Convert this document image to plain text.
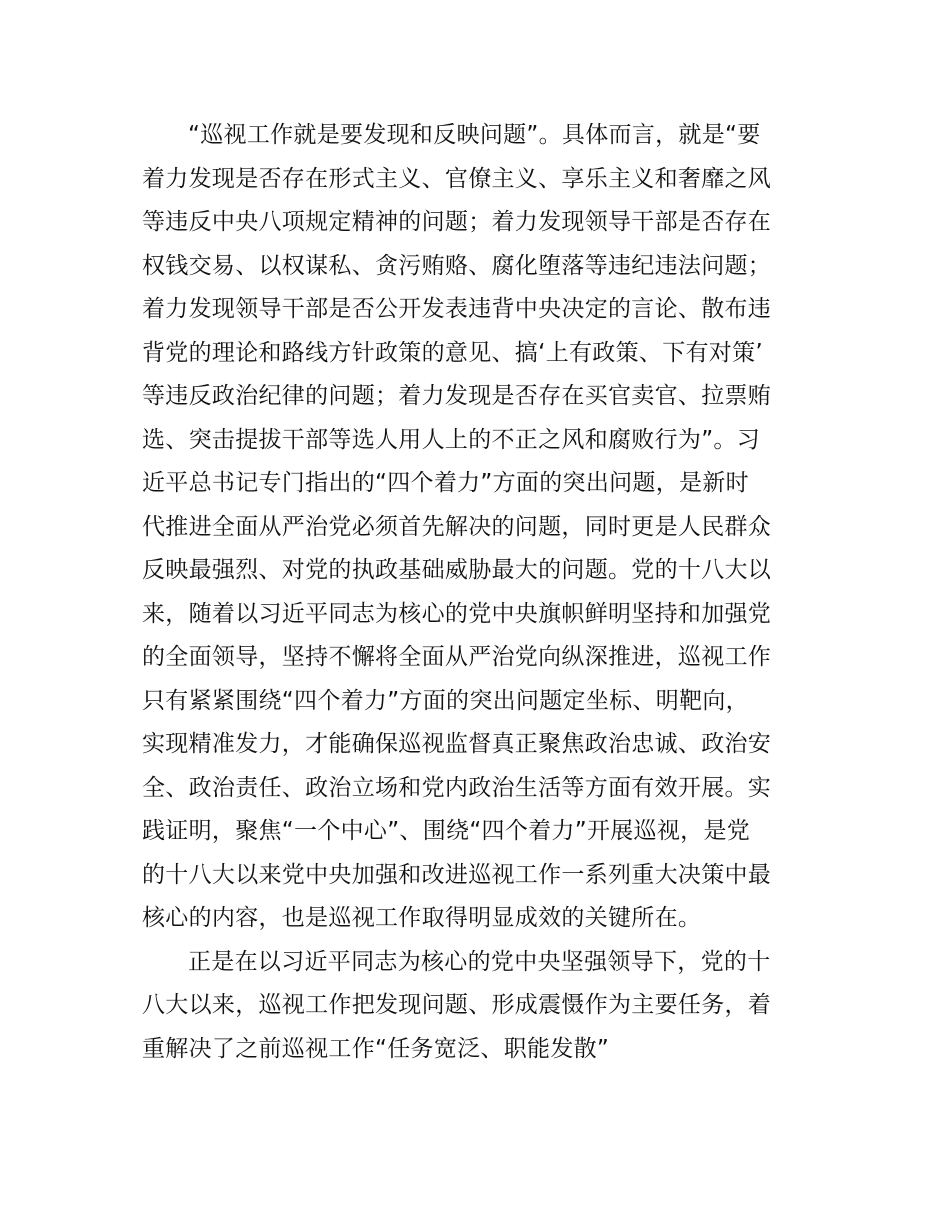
“巡视工作就是要发现和反映问题”。具体而言，就是“要
着力发现是否存在形式主义、官僚主义、享乐主义和奢靡之风
等违反中央八项规定精神的问题；着力发现领导干部是否存在
权钱交易、以权谋私、贪污贿赂、腐化堕落等违纪违法问题；
着力发现领导干部是否公开发表违背中央决定的言论、散布违
背党的理论和路线方针政策的意见、搞‘上有政策、下有对策’
等违反政治纪律的问题；着力发现是否存在买官卖官、拉票贿
选、突击提拔干部等选人用人上的不正之风和腐败行为”。习
近平总书记专门指出的“四个着力”方面的突出问题，是新时
代推进全面从严治党必须首先解决的问题，同时更是人民群众
反映最强烈、对党的执政基础威胁最大的问题。党的十八大以
来，随着以习近平同志为核心的党中央旗帜鲜明坚持和加强党
的全面领导，坚持不懈将全面从严治党向纵深推进，巡视工作
只有紧紧围绕“四个着力”方面的突出问题定坐标、明靶向，
实现精准发力，才能确保巡视监督真正聚焦政治忠诚、政治安
全、政治责任、政治立场和党内政治生活等方面有效开展。实
践证明，聚焦“一个中心”、围绕“四个着力”开展巡视，是党
的十八大以来党中央加强和改进巡视工作一系列重大决策中最
核心的内容，也是巡视工作取得明显成效的关键所在。
正是在以习近平同志为核心的党中央坚强领导下，党的十
八大以来，巡视工作把发现问题、形成震慑作为主要任务，着
重解决了之前巡视工作“任务宽泛、职能发散”
